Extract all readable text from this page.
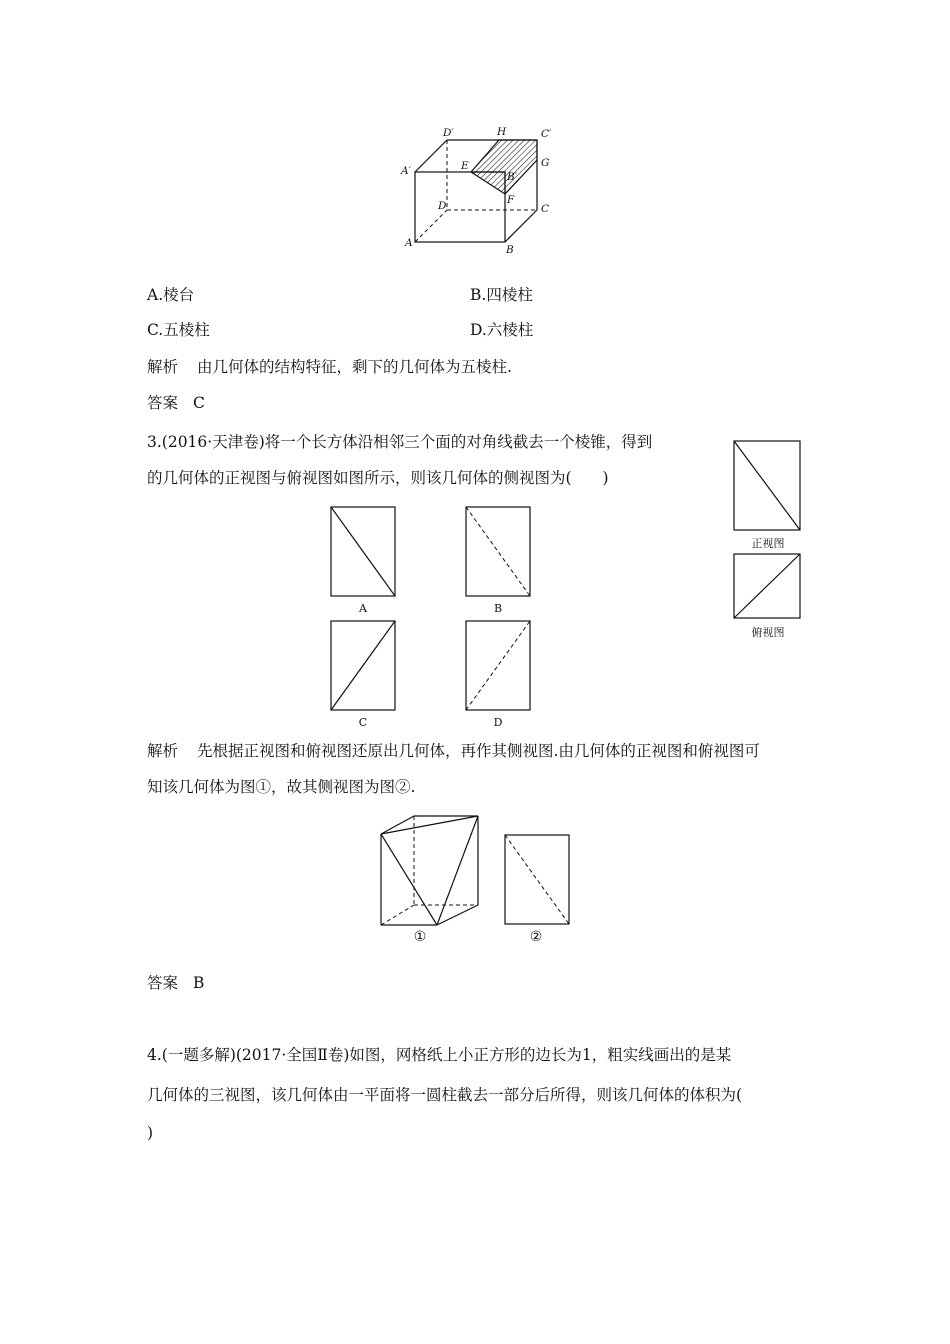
D′	H	C′
A′	E
B′
G
F
D	C
A
B
A.棱台	B.四棱柱
C.五棱柱	D.六棱柱
解析 由几何体的结构特征，剩下的几何体为五棱柱.
答案 C
3.(2016·天津卷)将一个长方体沿相邻三个面的对角线截去一个棱锥，得到
的几何体的正视图与俯视图如图所示，则该几何体的侧视图为(　　)
正视图
俯视图
A	B
C	D
解析 先根据正视图和俯视图还原出几何体，再作其侧视图.由几何体的正视图和俯视图可
知该几何体为图①，故其侧视图为图②.
①	②
答案 B
4.(一题多解)(2017·全国Ⅱ卷)如图，网格纸上小正方形的边长为1，粗实线画出的是某
几何体的三视图，该几何体由一平面将一圆柱截去一部分后所得，则该几何体的体积为(
)
